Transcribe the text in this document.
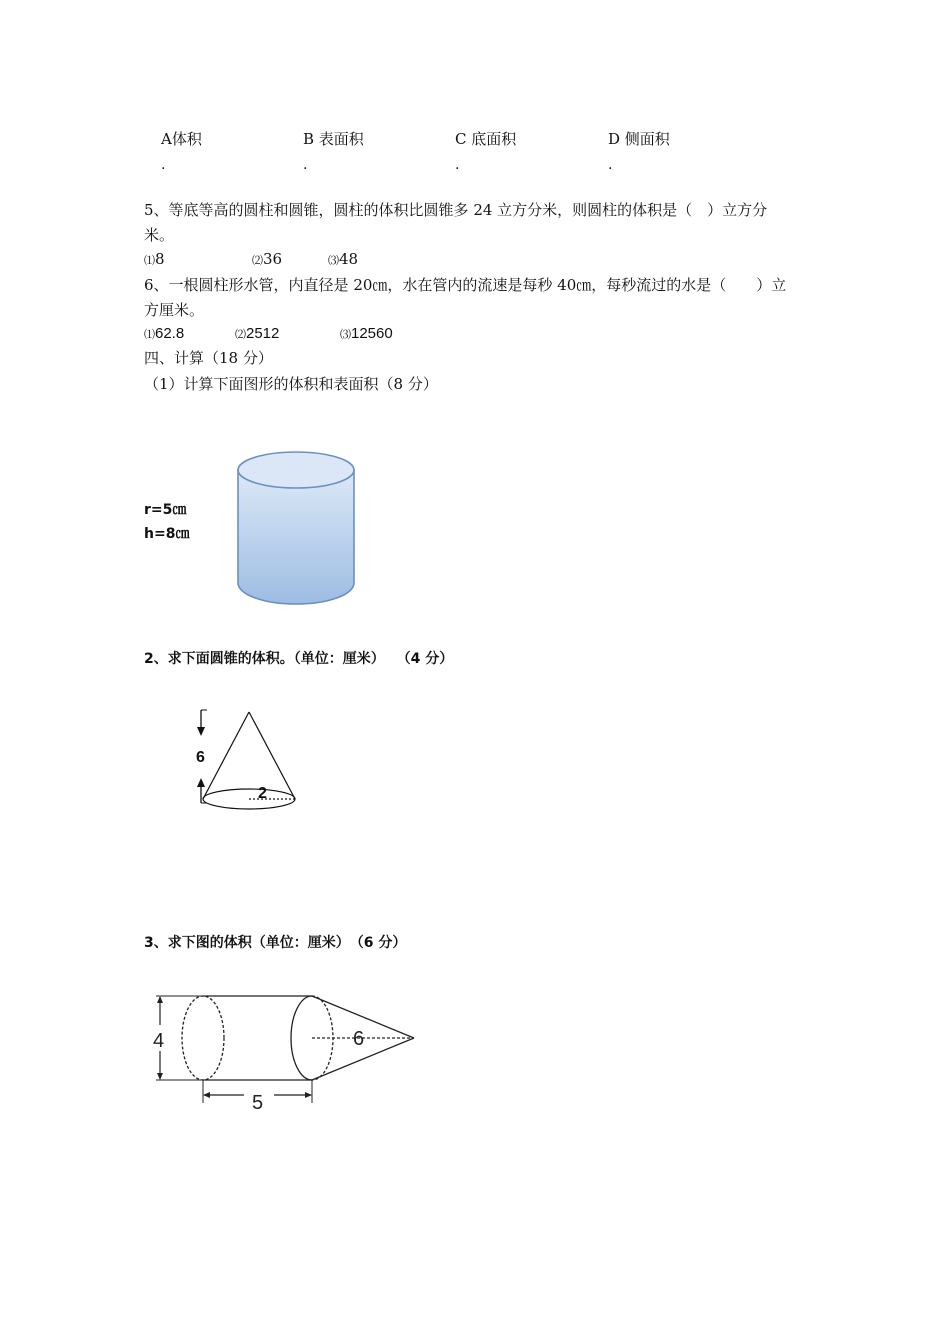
A体积	B 表面积	C 底面积	D 侧面积
.	.	.	.
5、等底等高的圆柱和圆锥，圆柱的体积比圆锥多 24 立方分米，则圆柱的体积是（　）立方分
米。
⑴8	⑵36	⑶48
6、一根圆柱形水管，内直径是 20㎝，水在管内的流速是每秒 40㎝，每秒流过的水是（　　）立
方厘米。
⑴62.8	⑵2512	⑶12560
四、计算（18 分）
（1）计算下面图形的体积和表面积（8 分）
r=5㎝
h=8㎝
2、求下面圆锥的体积。（单位：厘米）　 （4 分）
6
2
3、求下图的体积（单位：厘米）　（6 分）
6
4
5
